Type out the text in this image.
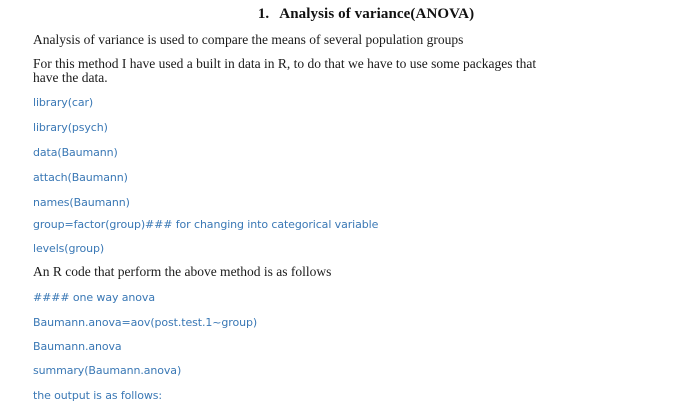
1. Analysis of variance(ANOVA)

Analysis of variance is used to compare the means of several population groups

For this method I have used a built in data in R, to do that we have to use some packages that

have the data.

library(car)

library(psych)

data(Baumann)

attach(Baumann)

names(Baumann)

group=factor(group)### for changing into categorical variable

levels(group)

An R code that perform the above method is as follows

#### one way anova

Baumann.anova=aov(post.test.1~group)

Baumann.anova

summary(Baumann.anova)

the output is as follows:
